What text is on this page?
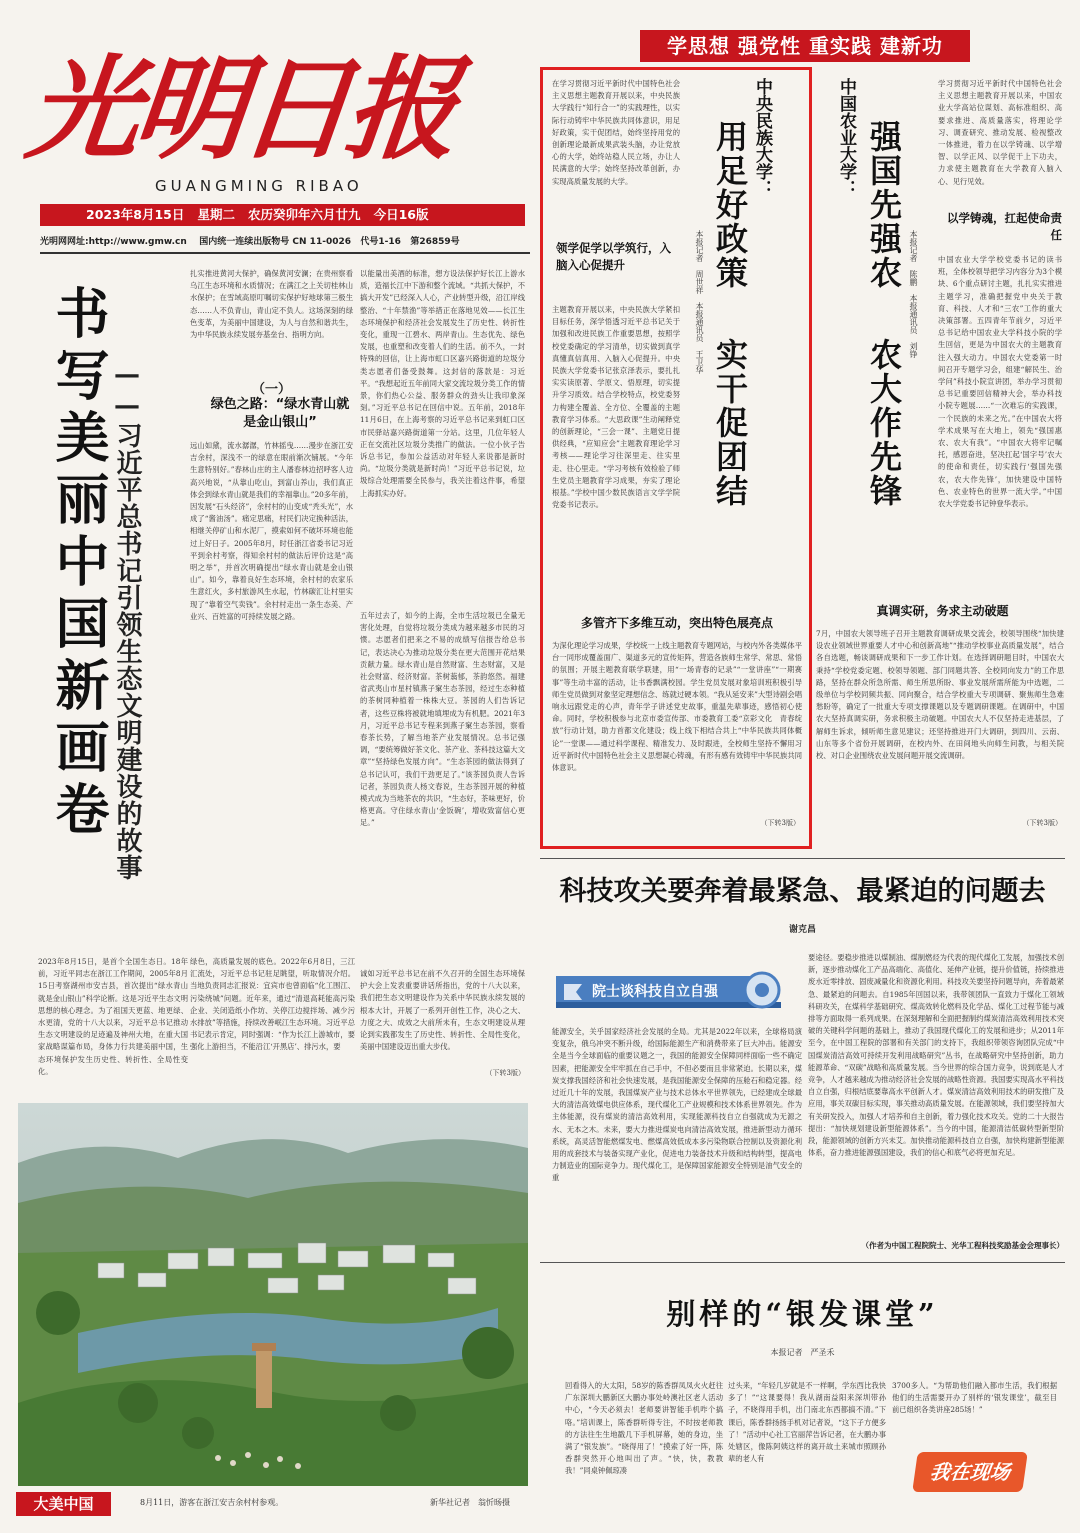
光明日报
GUANGMING RIBAO
2023年8月15日 星期二 农历癸卯年六月廿九 今日16版
光明网网址:http://www.gmw.cn 国内统一连续出版物号 CN 11-0026 代号1-16 第26859号
学思想 强党性 重实践 建新功
书写美丽中国新画卷 ——习近平总书记引领生态文明建设的故事
2023年8月15日，是首个全国生态日。18年前，习近平同志在浙江工作期间，2005年8月15日考察湖州市安吉县，首次提出“绿水青山就是金山银山”科学论断。这是习近平生态文明思想的核心理念。为了祖国天更蓝、地更绿、水更清，党的十八大以来，习近平总书记推动生态文明建设的足迹遍及神州大地，在重大国家战略谋篇布局，身体力行共建美丽中国，生态环境保护发生历史性、转折性、全局性变化。
扎实推进黄河大保护，确保黄河安澜；在贵州察看乌江生态环境和水质情况；在满江之上关切桂林山水保护；在雪域高原叮嘱切实保护好地球第三极生态……人不负青山，青山定不负人。这场深刻的绿色变革，为美丽中国建设，为人与自然和谐共生，为中华民族永续发展夯基垒台、指明方向。
（一）
绿色之路：“绿水青山就是金山银山”
远山如黛，流水潺潺，竹林摇曳……漫步在浙江安吉余村，深浅不一的绿意在眼前渐次铺展。“今年生意特别好。”春林山庄的主人潘春林边招呼客人边高兴地说，“从靠山吃山，到富山养山，我们真正体会到绿水青山就是我们的幸福靠山。”20多年前，因发展“石头经济”，余村村的山变成“秃头光”，水成了“酱油汤”。痛定思痛，村民们决定换种活法，相继关停矿山和水泥厂，摸索如何不破坏环境也能过上好日子。2005年8月，时任浙江省委书记习近平到余村考察，得知余村村的做法后评价这是“高明之举”，并首次明确提出“绿水青山就是金山银山”。如今，靠着良好生态环境，余村村的农家乐生意红火，多村旅游风生水起，竹林碳汇让村里实现了“靠着空气卖钱”。余村村走出一条生态美、产业兴、百姓富的可持续发展之路。
以能量出美酒的标准，想方设法保护好长江上游水质，造福长江中下游和整个流域。“共抓大保护，不搞大开发”已经深入人心，产业转型升级，沿江岸线整治、“十年禁渔”等举措正在落地见效——长江生态环境保护和经济社会发展发生了历史性、转折性变化，重现一江碧水、两岸青山。生态优先、绿色发展，也重塑和改变着人们的生活。前不久，一封特殊的回信，让上海市虹口区嘉兴路街道的垃圾分类志愿者们备受鼓舞。这封信的落款是：习近平。“我想起近五年前同大家交流垃圾分类工作的情景，你们热心公益、服务群众的劲头让我印象深刻。”习近平总书记在回信中说。五年前，2018年11月6日，在上海考察的习近平总书记来到虹口区市民驿站嘉兴路街道第一分站。这里，几位年轻人正在交流社区垃圾分类推广的做法。一位小伙子告诉总书记，参加公益活动对年轻人来说都是新时尚。“垃圾分类就是新时尚！”习近平总书记说，垃圾综合处理需要全民参与，我关注着这件事，希望上海抓实办好。
绿色，高质量发展的底色。2022年6月8日，三江汇流处，习近平总书记驻足眺望，听取情况介绍。当地负责同志汇报说：宜宾市也曾面临“化工围江、污染绕城”问题。近年来，通过“清退高耗能高污染企业、关闭造纸小作坊、关停江边搅拌场、减少污水排放”等措施，持续改善岷江生态环境。习近平总书记表示肯定，同时强调：“作为长江上游城市，要强化上游担当，不能沿江‘开黑店’、排污水，要
五年过去了，如今的上海，全市生活垃圾已全量无害化处理，自觉将垃圾分类成为越来越多市民的习惯。志愿者们把来之不易的成绩写信报告给总书记，表达决心为推动垃圾分类在更大范围开花结果贡献力量。绿水青山是自然财富、生态财富，又是社会财富、经济财富。茶树蓊郁，茶韵悠然。福建省武夷山市星村镇燕子窠生态茶园，经过生态种植的茶树同种植着一株株大豆。茶园的人们告诉记者，这些豆株将被就地填埋成为有机肥。2021年3月，习近平总书记专程来到燕子窠生态茶园，察看春茶长势，了解当地茶产业发展情况。总书记强调，“要统筹做好茶文化、茶产业、茶科技这篇大文章”“坚持绿色发展方向”。“生态茶园的做法得到了总书记认可，我们干劲更足了。”该茶园负责人告诉记者，茶园负责人杨文春说，生态茶园开展的种植模式成为当地茶农的共识，“生态好，茶味更好，价格更高。守住绿水青山‘金饭碗’，增收致富信心更足。”
诚如习近平总书记在前不久召开的全国生态环境保护大会上发表重要讲话所指出，党的十八大以来，我们把生态文明建设作为关系中华民族永续发展的根本大计，开展了一系列开创性工作，决心之大、力度之大、成效之大前所未有，生态文明建设从理论到实践都发生了历史性、转折性、全局性变化，美丽中国建设迈出重大步伐。
（下转3版）
大美中国	8月11日，游客在浙江安吉余村村参观。	新华社记者　翁忻旸摄
在学习贯彻习近平新时代中国特色社会主义思想主题教育开展以来，中央民族大学践行“知行合一”的实践理性，以实际行动铸牢中华民族共同体意识，用足好政策，实干促团结，始终坚持用党的创新理论最新成果武装头脑，办让党放心的大学，始终站稳人民立场，办让人民满意的大学；始终坚持改革创新，办实现高质量发展的大学。
领学促学以学筑行，入脑入心促提升
主题教育开展以来，中央民族大学紧扣目标任务，深学悟透习近平总书记关于加强和改进民族工作重要思想，按照学校党委确定的学习清单，切实做到真学真懂真信真用、入脑入心促提升。中央民族大学党委书记张京泽表示，要扎扎实实读原著、学原文、悟原理，切实提升学习质效。结合学校特点，校党委努力构建全覆盖、全方位、全覆盖的主题教育学习体系。“大思政课”生动阐释党的创新理论，“三会一课”、主题党日提供经典，“应知应会”主题教育理论学习考核——理论学习往深里走、往实里走、往心里走。“学习考核有效检验了师生党员主题教育学习成果，夯实了理论根基。”学校中国少数民族语言文学学院党委书记表示。
中央民族大学：
用足好政策
实干促团结
本报记者　周世祥　本报通讯员　王卫华
多管齐下多维互动，突出特色展亮点
为深化理论学习成果，学校统一上线主题教育专题网站，与校内外各类媒体平台一同形成覆盖面广、渠道多元的宣传矩阵，营造各族师生常学、常思、常悟的氛围；开展主题教育联学联建，用“一场青春的记录”“一堂讲座”“一期赛事”等生动丰富的活动，让书香飘满校园。学生党员发展对象培训班积极引导师生党员做到对象坚定理想信念、练就过硬本领。“我从延安来”大型诗剧会唱响永远跟党走的心声，青年学子讲述党史故事，重温先辈事迹，感悟初心使命。同时，学校积极参与北京市委宣传部、市委教育工委“京彩文化　青春绽放”行动计划，助力首都文化建设；线上线下相结合共上“中华民族共同体概论”一堂课——通过科学课程、精准发力、及时跟进，全校师生坚持不懈用习近平新时代中国特色社会主义思想凝心铸魂，有形有感有效铸牢中华民族共同体意识。
（下转3版）
中国农业大学： 强国先强农
农大作先锋
本报记者　陈鹏　本报通讯员　刘铮
学习贯彻习近平新时代中国特色社会主义思想主题教育开展以来，中国农业大学高站位谋划、高标准组织、高要求推进、高质量落实，将理论学习、调查研究、推动发展、检视整改一体推进，着力在以学铸魂、以学增智、以学正风、以学促干上下功夫，力求使主题教育在大学教育入脑入心、见行见效。
以学铸魂，扛起使命责任
中国农业大学学校党委书记的读书班，全体校领导把学习内容分为3个模块、6个重点研讨主题，扎扎实实推进主题学习，准确把握党中央关于教育、科技、人才和“三农”工作的重大决策部署。五四青年节前夕，习近平总书记给中国农业大学科技小院的学生回信，更是为中国农大的主题教育注入强大动力。中国农大党委第一时间召开专题学习会，组建“解民生、治学问”科技小院宣讲团，举办学习贯彻总书记重要回信精神大会，举办科技小院专题展……“一次难忘的实践课，一个民族的未来之光。”在中国农大将学术成果写在大地上，领先“强国惠农、农大有我”。“中国农大将牢记嘱托，感恩奋进，坚决扛起‘国字号’农大的使命和责任，切实践行‘强国先强农，农大作先锋’，加快建设中国特色、农业特色的世界一流大学。”中国农大学党委书记钟登华表示。
真调实研，务求主动破题
7月，中国农大领导班子召开主题教育调研成果交流会，校领导围绕“加快建设农业领域世界重要人才中心和创新高地”“推动学校事业高质量发展”，结合各自选题，畅谈调研成果和下一步工作计划。在选择调研题目时，中国农大秉持“学校党委定题、校领导领题、部门同题共答、全校同向发力”的工作思路，坚持在群众所急所需、师生所思所盼、事业发展所需所能为中选题，二级单位与学校同频共振、同向聚合，结合学校重大专项调研、聚焦师生急难愁盼等，确定了一批重大专项支撑课题以及专题调研课题。在调研中，中国农大坚持真调实研，务求积极主动破题。中国农大人不仅坚持走进基层，了解师生诉求，倾听师生意见建议；还坚持推进开门大调研，到四川、云南、山东等多个省份开展调研，在校内外、在田间地头向师生问教，与相关院校、对口企业围绕农业发展问题开展交流调研。
（下转3版）
科技攻关要奔着最紧急、最紧迫的问题去
谢克昌
院士谈科技自立自强
能源安全，关乎国家经济社会发展的全局。尤其是2022年以来，全球格局演变复杂，俄乌冲突不断升级，给国际能源生产和消费带来了巨大冲击。能源安全是当今全球面临的重要议题之一，我国的能源安全保障同样面临一些不确定因素，把能源安全牢牢抓在自己手中，不但必要而且非常紧迫。长期以来，煤炭支撑我国经济和社会快速发展，是我国能源安全保障的压舱石和稳定器。经过近几十年的发展，我国煤炭产业与技术总体水平世界领先，已经建成全球最大的清洁高效煤电供应体系，现代煤化工产业规模和技术体系世界领先。作为主体能源，没有煤炭的清洁高效利用，实现能源科技自立自强就成为无源之水、无本之木。未来，要大力推进煤炭电向清洁高效发展，推进新型动力循环系统，高灵活智能燃煤发电、燃煤高效低成本多污染物联合控制以及资源化利用的成套技术与装备实现产业化，促进电力装备技术升级和结构转型，提高电力制造业的国际竞争力。现代煤化工，是保障国家能源安全特别是油气安全的重
要途径。要稳步推进以煤制油、煤制燃烃为代表的现代煤化工发展，加强技术创新，逐步推动煤化工产品高端化、高值化、延伸产业链，提升价值链，持续推进废水近零排放、固废减量化和资源化利用。科技攻关要坚持问题导向，奔着最紧急、最紧迫的问题去。自1985年回国以来，我带领团队一直致力于煤化工领域科研攻关，在煤科学基础研究、煤高效转化燃料及化学品、煤化工过程节能与减排等方面取得一系列成果。在深刻理解和全面把握制约煤炭清洁高效利用技术突破的关键科学问题的基础上，推动了我国现代煤化工的发展和进步；从2011年至今，在中国工程院的部署和有关部门的支持下，我组织带领咨询团队完成“中国煤炭清洁高效可持续开发利用战略研究”丛书，在战略研究中坚持创新，助力能源革命、“双碳”战略和高质量发展。当今世界的综合国力竞争，说到底是人才竞争，人才越来越成为推动经济社会发展的战略性资源。我国要实现高水平科技自立自强，归根结底要靠高水平创新人才。煤炭清洁高效利用技术的研发推广及应用，事关双碳目标实现，事关推动高质量发展。在能源领域，我们要坚持加大有关研发投入，加强人才培养和自主创新，着力强化技术攻关。党的二十大报告提出：“加快规划建设新型能源体系”。当今的中国，能源清洁低碳转型新型阶段，能源领域的创新方兴未艾。加快推动能源科技自立自强，加快构建新型能源体系，奋力推进能源强国建设，我们的信心和底气必将更加充足。
（作者为中国工程院院士、光华工程科技奖励基金会理事长）
别样的“银发课堂”
本报记者　严圣禾
回看得入的大太阳，58岁的陈香群凤凤火火赶往广东深圳大鹏新区大鹏办事处岭澳社区老人活动中心，“今天必须去！老师要讲智能手机咋个搞咯。”培训课上，陈香群听得专注，不时按老师教的方法往生生地戳几下手机屏幕，她的身边，坐满了“银发族”。“晓得用了！”摸索了好一阵，陈香群突然开心地叫出了声。“快，快，教教我！”同桌钟佩琼凑
过头来，“年轻几岁就是不一样啊，学东西比我快多了！”“这课要得！我从湖南益阳来深圳带孙子，不晓得用手机，出门南北东西都搞不清。”下课后，陈香群扬扬手机对记者说，“这下子方便多了！”活动中心社工官丽萍告诉记者，在大鹏办事处辖区，像陈阿姨这样的离开故土来城市照顾孙辈的老人有
3700多人。“为帮助他们融入都市生活，我们根据他们的生活需要开办了别样的‘银发课堂’，截至目前已组织各类讲座285场！”
我在现场
